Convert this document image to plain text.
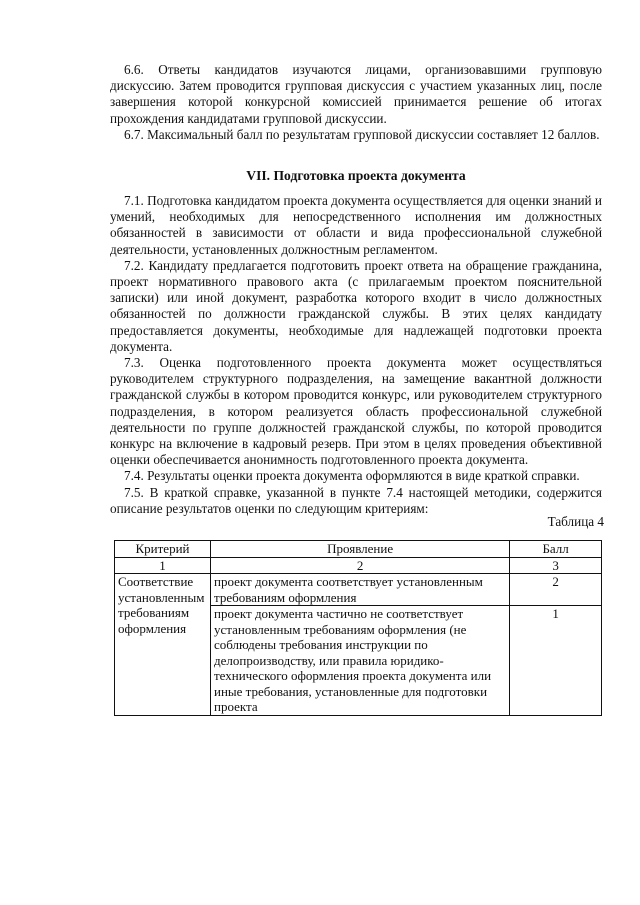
6.6. Ответы кандидатов изучаются лицами, организовавшими групповую дискуссию. Затем проводится групповая дискуссия с участием указанных лиц, после завершения которой конкурсной комиссией принимается решение об итогах прохождения кандидатами групповой дискуссии.

6.7. Максимальный балл по результатам групповой дискуссии составляет 12 баллов.

VII. Подготовка проекта документа

7.1. Подготовка кандидатом проекта документа осуществляется для оценки знаний и умений, необходимых для непосредственного исполнения им должностных обязанностей в зависимости от области и вида профессиональной служебной деятельности, установленных должностным регламентом.

7.2. Кандидату предлагается подготовить проект ответа на обращение гражданина, проект нормативного правового акта (с прилагаемым проектом пояснительной записки) или иной документ, разработка которого входит в число должностных обязанностей по должности гражданской службы. В этих целях кандидату предоставляется документы, необходимые для надлежащей подготовки проекта документа.

7.3. Оценка подготовленного проекта документа может осуществляться руководителем структурного подразделения, на замещение вакантной должности гражданской службы в котором проводится конкурс, или руководителем структурного подразделения, в котором реализуется область профессиональной служебной деятельности по группе должностей гражданской службы, по которой проводится конкурс на включение в кадровый резерв. При этом в целях проведения объективной оценки обеспечивается анонимность подготовленного проекта документа.

7.4. Результаты оценки проекта документа оформляются в виде краткой справки.

7.5. В краткой справке, указанной в пункте 7.4 настоящей методики, содержится описание результатов оценки по следующим критериям:

Таблица 4
Критерий	Проявление	Балл
1	2	3
Соответствие установленным требованиям оформления	проект документа соответствует установленным требованиям оформления	2
	проект документа частично не соответствует установленным требованиям оформления (не соблюдены требования инструкции по делопроизводству, или правила юридико-технического оформления проекта документа или иные требования, установленные для подготовки проекта	1
